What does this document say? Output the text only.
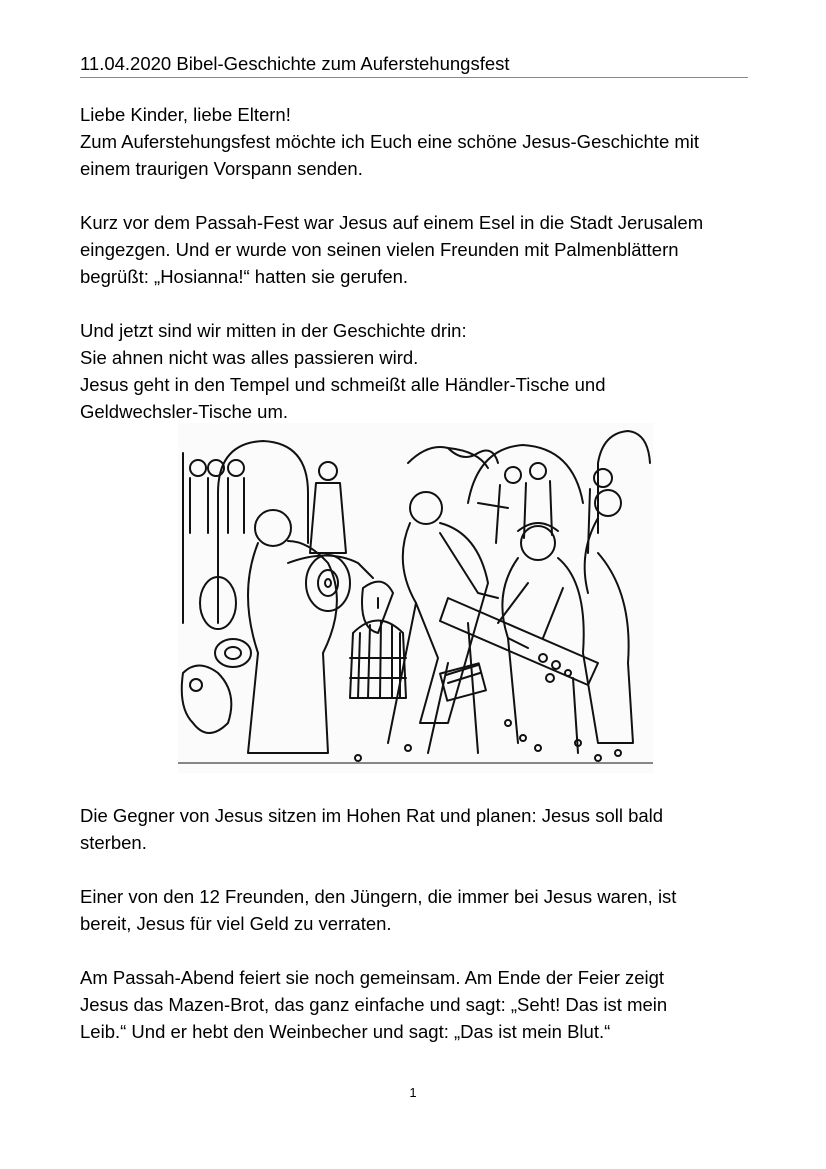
11.04.2020 Bibel-Geschichte zum Auferstehungsfest

Liebe Kinder, liebe Eltern!

Zum Auferstehungsfest möchte ich Euch eine schöne Jesus-Geschichte mit

einem traurigen Vorspann senden.

Kurz vor dem Passah-Fest war Jesus auf einem Esel in die Stadt Jerusalem

eingezgen. Und er wurde von seinen vielen Freunden mit Palmenblättern

begrüßt: „Hosianna!“ hatten sie gerufen.

Und jetzt sind wir mitten in der Geschichte drin:

Sie ahnen nicht was alles passieren wird.

Jesus geht in den Tempel und schmeißt alle Händler-Tische und

Geldwechsler-Tische um.

Die Gegner von Jesus sitzen im Hohen Rat und planen: Jesus soll bald

sterben.

Einer von den 12 Freunden, den Jüngern, die immer bei Jesus waren, ist

bereit, Jesus für viel Geld zu verraten.

Am Passah-Abend feiert sie noch gemeinsam. Am Ende der Feier zeigt

Jesus das Mazen-Brot, das ganz einfache und sagt: „Seht! Das ist mein

Leib.“ Und er hebt den Weinbecher und sagt: „Das ist mein Blut.“

1
